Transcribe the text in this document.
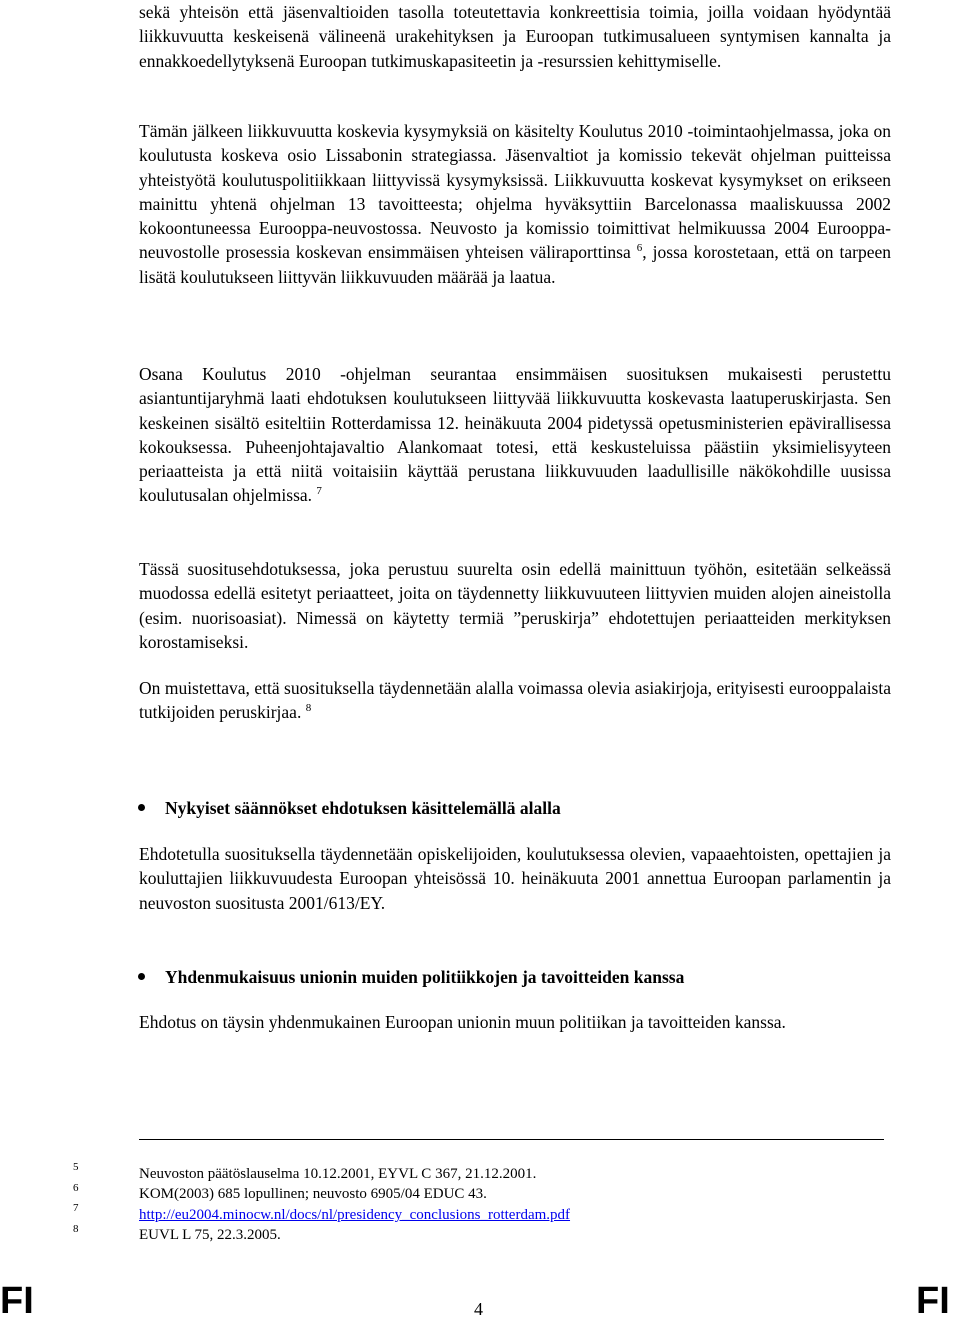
sekä yhteisön että jäsenvaltioiden tasolla toteutettavia konkreettisia toimia, joilla voidaan hyödyntää liikkuvuutta keskeisenä välineenä urakehityksen ja Euroopan tutkimusalueen syntymisen kannalta ja ennakkoedellytyksenä Euroopan tutkimuskapasiteetin ja -resurssien kehittymiselle.

Tämän jälkeen liikkuvuutta koskevia kysymyksiä on käsitelty Koulutus 2010 -toimintaohjelmassa, joka on koulutusta koskeva osio Lissabonin strategiassa. Jäsenvaltiot ja komissio tekevät ohjelman puitteissa yhteistyötä koulutuspolitiikkaan liittyvissä kysymyksissä. Liikkuvuutta koskevat kysymykset on erikseen mainittu yhtenä ohjelman 13 tavoitteesta; ohjelma hyväksyttiin Barcelonassa maaliskuussa 2002 kokoontuneessa Eurooppa-neuvostossa. Neuvosto ja komissio toimittivat helmikuussa 2004 Eurooppa-neuvostolle prosessia koskevan ensimmäisen yhteisen väliraporttinsa $^6$, jossa korostetaan, että on tarpeen lisätä koulutukseen liittyvän liikkuvuuden määrää ja laatua.

Osana Koulutus 2010 -ohjelman seurantaa ensimmäisen suosituksen mukaisesti perustettu asiantuntijaryhmä laati ehdotuksen koulutukseen liittyvää liikkuvuutta koskevasta laatuperuskirjasta. Sen keskeinen sisältö esiteltiin Rotterdamissa 12. heinäkuuta 2004 pidetyssä opetusministerien epävirallisessa kokouksessa. Puheenjohtajavaltio Alankomaat totesi, että keskusteluissa päästiin yksimielisyyteen periaatteista ja että niitä voitaisiin käyttää perustana liikkuvuuden laadullisille näkökohdille uusissa koulutusalan ohjelmissa. $^7$

Tässä suositusehdotuksessa, joka perustuu suurelta osin edellä mainittuun työhön, esitetään selkeässä muodossa edellä esitetyt periaatteet, joita on täydennetty liikkuvuuteen liittyvien muiden alojen aineistolla (esim. nuorisoasiat). Nimessä on käytetty termiä ”peruskirja” ehdotettujen periaatteiden merkityksen korostamiseksi.

On muistettava, että suosituksella täydennetään alalla voimassa olevia asiakirjoja, erityisesti eurooppalaista tutkijoiden peruskirjaa. $^8$

Nykyiset säännökset ehdotuksen käsittelemällä alalla

Ehdotetulla suosituksella täydennetään opiskelijoiden, koulutuksessa olevien, vapaaehtoisten, opettajien ja kouluttajien liikkuvuudesta Euroopan yhteisössä 10. heinäkuuta 2001 annettua Euroopan parlamentin ja neuvoston suositusta 2001/613/EY.

Yhdenmukaisuus unionin muiden politiikkojen ja tavoitteiden kanssa

Ehdotus on täysin yhdenmukainen Euroopan unionin muun politiikan ja tavoitteiden kanssa.

5	Neuvoston päätöslauselma 10.12.2001, EYVL C 367, 21.12.2001.
6	KOM(2003) 685 lopullinen; neuvosto 6905/04 EDUC 43.
7	http://eu2004.minocw.nl/docs/nl/presidency_conclusions_rotterdam.pdf
8	EUVL L 75, 22.3.2005.
FI	4	FI
